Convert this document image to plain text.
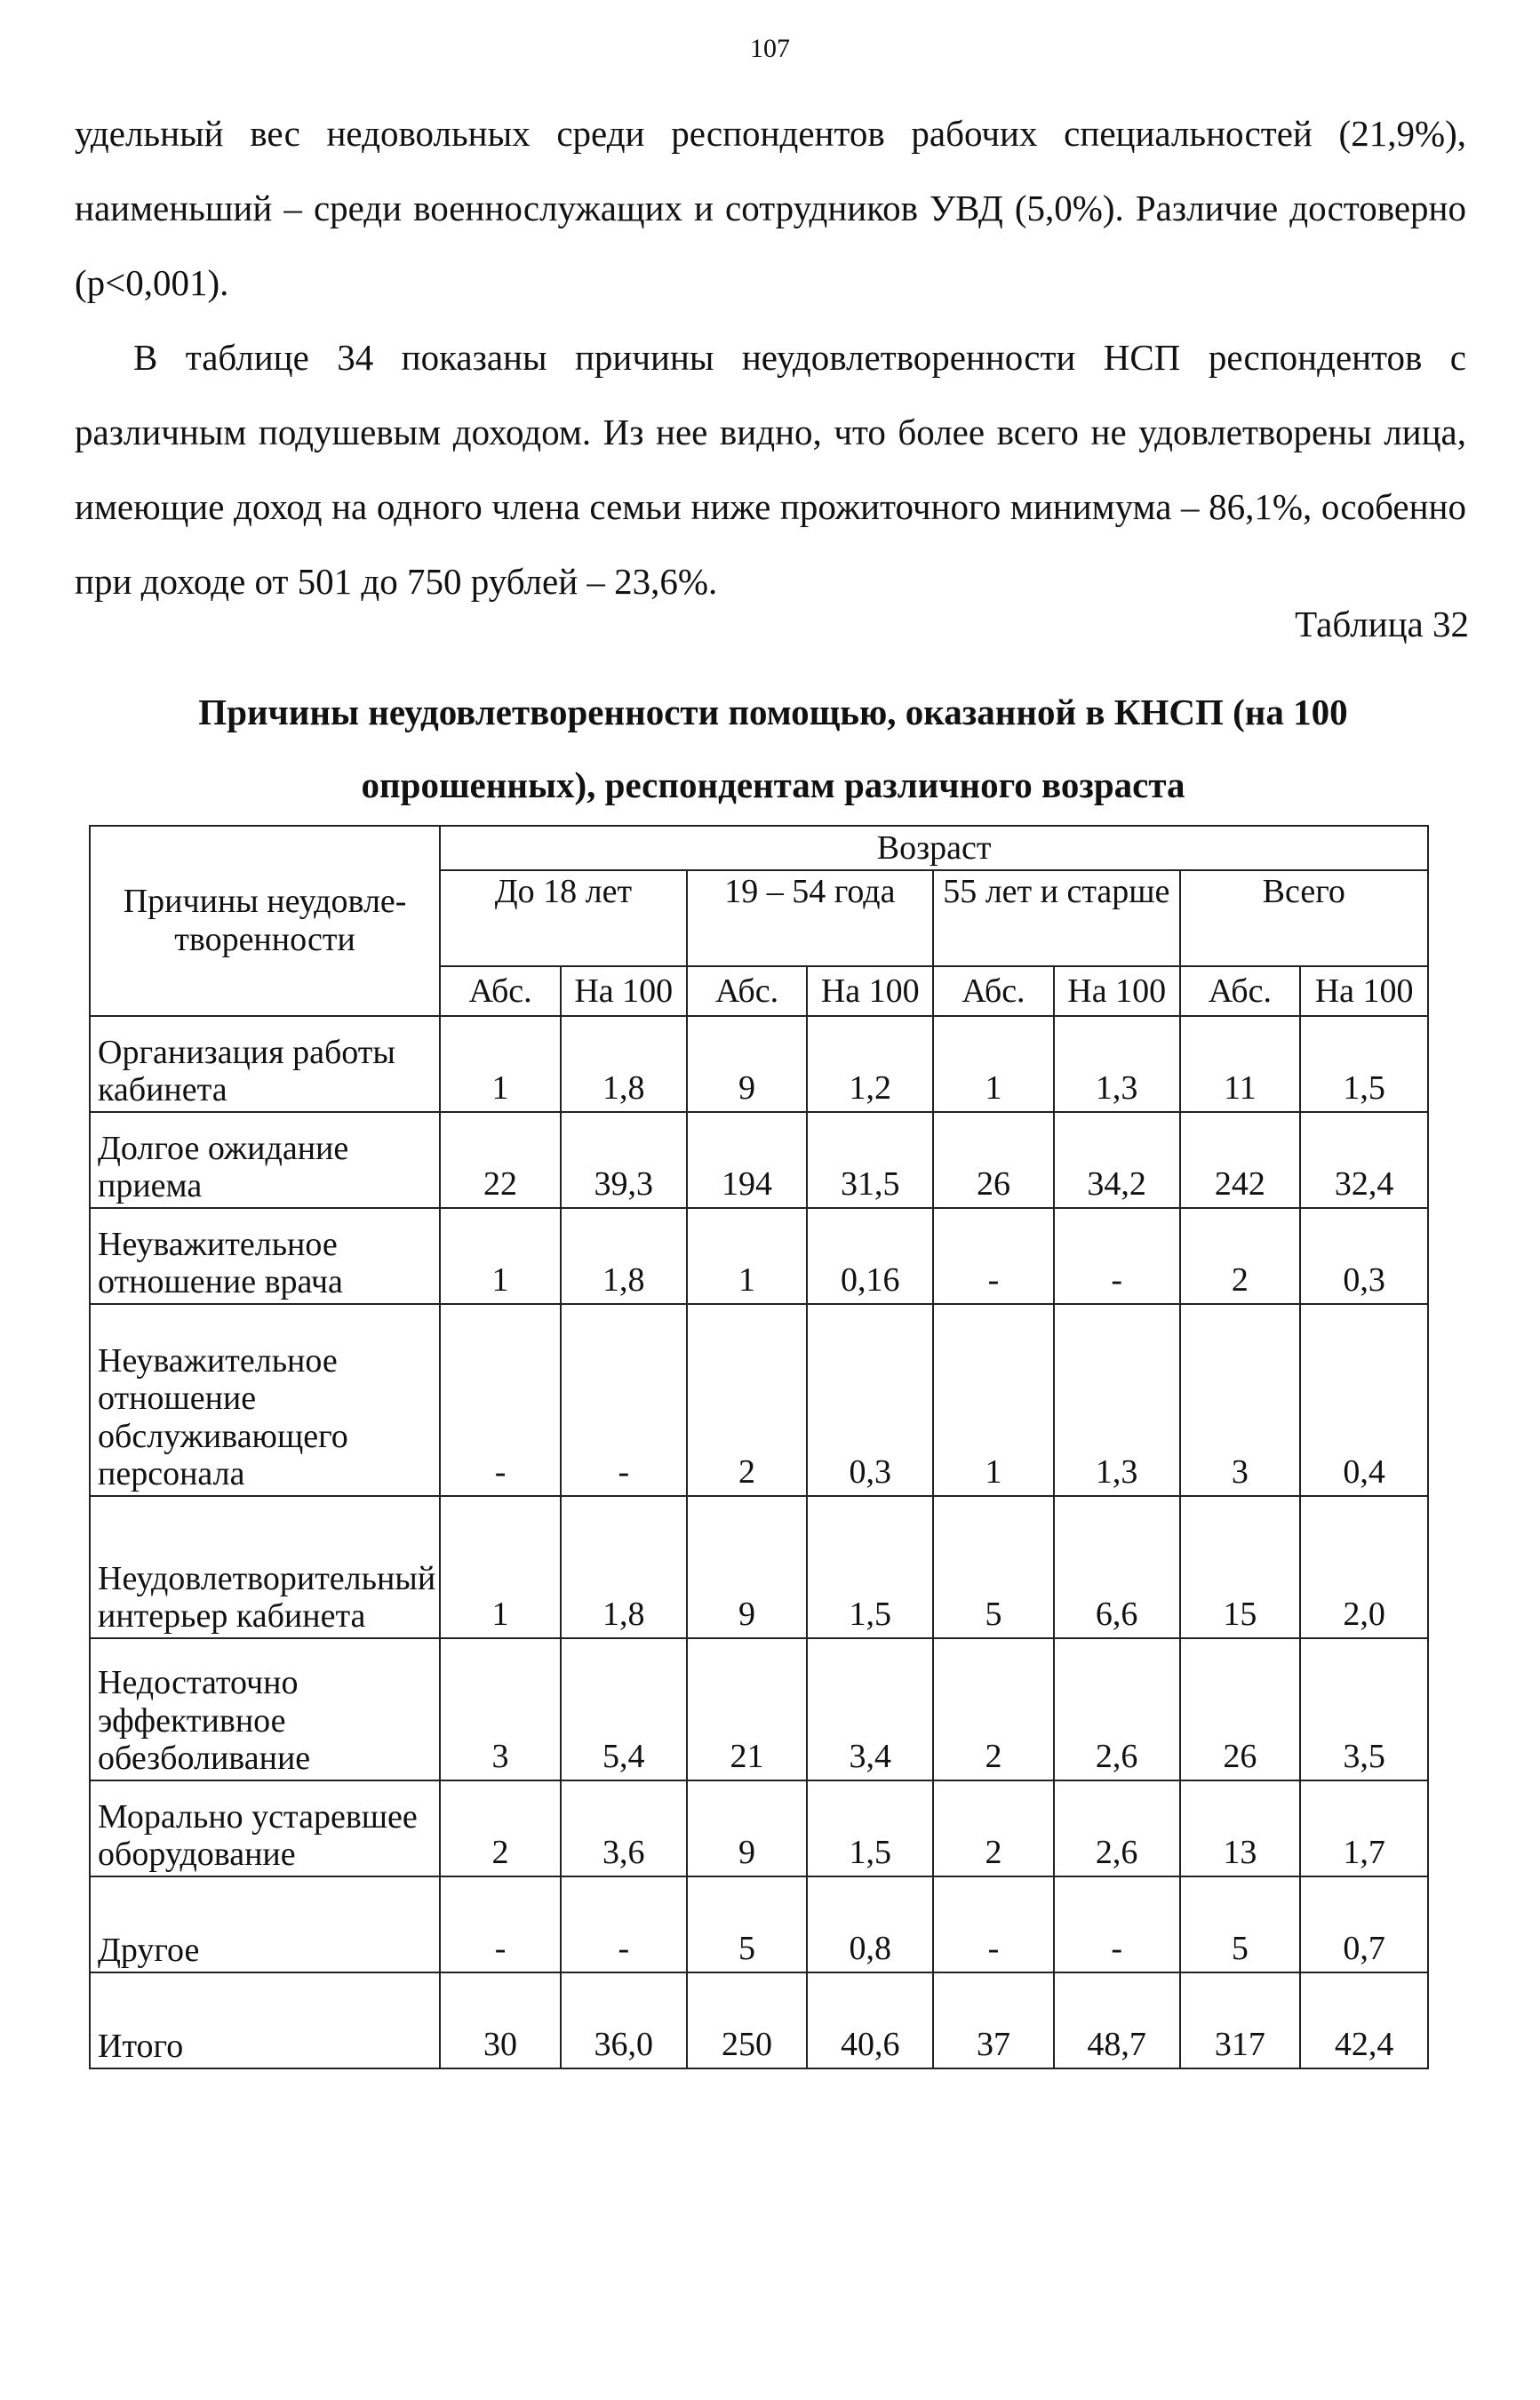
107

удельный вес недовольных среди респондентов рабочих специальностей (21,9%), наименьший – среди военнослужащих и сотрудников УВД (5,0%). Различие достоверно (р<0,001).

В таблице 34 показаны причины неудовлетворенности НСП респондентов с различным подушевым доходом. Из нее видно, что более всего не удовлетворены лица, имеющие доход на одного члена семьи ниже прожиточного минимума – 86,1%, особенно при доходе от 501 до 750 рублей – 23,6%.

Таблица 32
Причины неудовлетворенности помощью, оказанной в КНСП (на 100
опрошенных), респондентам различного возраста
Причины неудовле-творенности	Возраст							
	До 18 лет		19 – 54 года		55 лет и старше		Всего	
	Абс.	На 100	Абс.	На 100	Абс.	На 100	Абс.	На 100
Организация работы кабинета	1	1,8	9	1,2	1	1,3	11	1,5
Долгое ожидание приема	22	39,3	194	31,5	26	34,2	242	32,4
Неуважительное отношение врача	1	1,8	1	0,16	-	-	2	0,3
Неуважительное отношение обслуживающего персонала	-	-	2	0,3	1	1,3	3	0,4
Неудовлетворительный интерьер кабинета	1	1,8	9	1,5	5	6,6	15	2,0
Недостаточно эффективное обезболивание	3	5,4	21	3,4	2	2,6	26	3,5
Морально устаревшее оборудование	2	3,6	9	1,5	2	2,6	13	1,7
Другое	-	-	5	0,8	-	-	5	0,7
Итого	30	36,0	250	40,6	37	48,7	317	42,4
